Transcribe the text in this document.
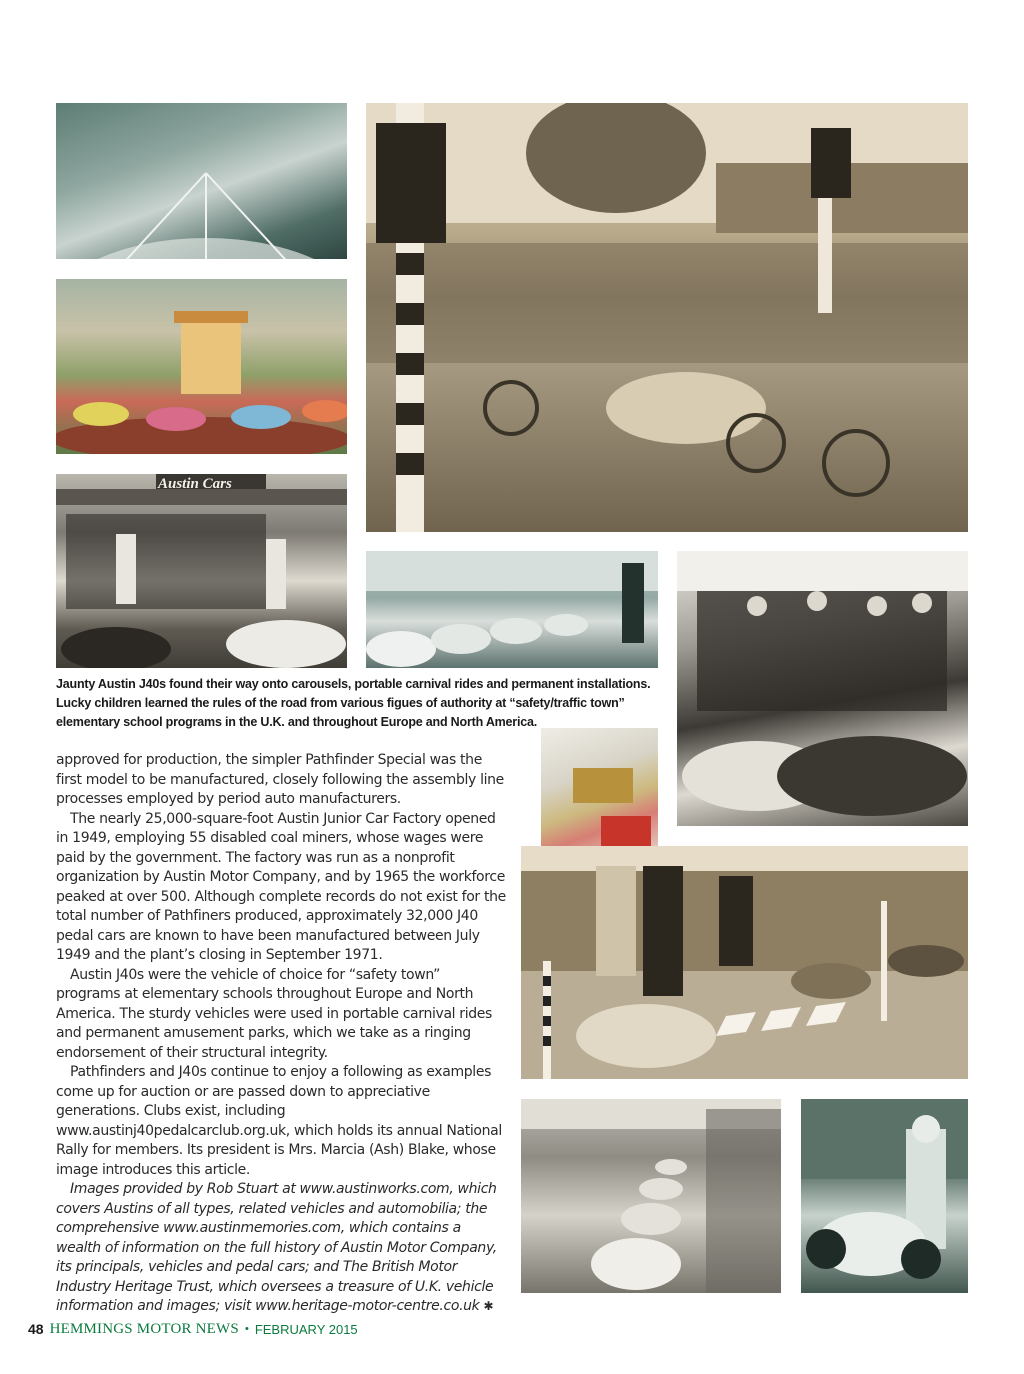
Austin Cars
Jaunty Austin J40s found their way onto carousels, portable carnival rides and permanent installations. Lucky children learned the rules of the road from various figues of authority at “safety/traffic town” elementary school programs in the U.K. and throughout Europe and North America.

approved for production, the simpler Pathfinder Special was the first model to be manufactured, closely following the assembly line processes employed by period auto manufacturers.

The nearly 25,000-square-foot Austin Junior Car Factory opened in 1949, employing 55 disabled coal miners, whose wages were paid by the government. The factory was run as a nonprofit organization by Austin Motor Company, and by 1965 the workforce peaked at over 500. Although complete records do not exist for the total number of Pathfiners produced, approximately 32,000 J40 pedal cars are known to have been manufactured between July 1949 and the plant’s closing in September 1971.

Austin J40s were the vehicle of choice for “safety town” programs at elementary schools throughout Europe and North America. The sturdy vehicles were used in portable carnival rides and permanent amusement parks, which we take as a ringing endorsement of their structural integrity.

Pathfinders and J40s continue to enjoy a following as examples come up for auction or are passed down to appreciative generations. Clubs exist, including www.austinj40pedalcarclub.org.uk, which holds its annual National Rally for members. Its president is Mrs. Marcia (Ash) Blake, whose image introduces this article.

Images provided by Rob Stuart at www.austinworks.com, which covers Austins of all types, related vehicles and automobilia; the comprehensive www.austinmemories.com, which contains a wealth of information on the full history of Austin Motor Company, its principals, vehicles and pedal cars; and The British Motor Industry Heritage Trust, which oversees a treasure of U.K. vehicle information and images; visit www.heritage-motor-centre.co.uk ✱

48 HEMMINGS MOTOR NEWS • FEBRUARY 2015
